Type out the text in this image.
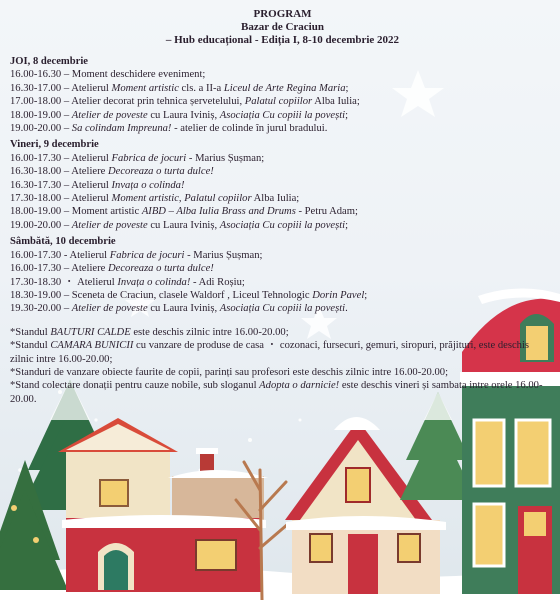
PROGRAM
Bazar de Craciun
– Hub educațional - Ediția I, 8-10 decembrie 2022
JOI, 8 decembrie
16.00-16.30 – Moment deschidere eveniment;
16.30-17.00 – Atelierul Moment artistic cls. a II-a Liceul de Arte Regina Maria;
17.00-18.00 – Atelier decorat prin tehnica șervetelului, Palatul copiilor Alba Iulia;
18.00-19.00 – Atelier de poveste cu Laura Iviniș, Asociația Cu copiii la povești;
19.00-20.00 – Sa colindam Impreuna! - atelier de colinde în jurul bradului.
Vineri, 9 decembrie
16.00-17.30 – Atelierul Fabrica de jocuri - Marius Șușman;
16.30-18.00 – Ateliere Decoreaza o turta dulce!
16.30-17.30 – Atelierul Invața o colinda!
17.30-18.00 – Atelierul Moment artistic, Palatul copiilor Alba Iulia;
18.00-19.00 – Moment artistic AIBD – Alba Iulia Brass and Drums - Petru Adam;
19.00-20.00 – Atelier de poveste cu Laura Iviniș, Asociația Cu copiii la povești;
Sâmbătă, 10 decembrie
16.00-17.30 - Atelierul Fabrica de jocuri - Marius Șușman;
16.00-17.30 – Ateliere Decoreaza o turta dulce!
17.30-18.30 ・ Atelierul Invața o colinda! - Adi Roșiu;
18.30-19.00 – Sceneta de Craciun, clasele Waldorf , Liceul Tehnologic Dorin Pavel;
19.30-20.00 – Atelier de poveste cu Laura Iviniș, Asociația Cu copiii la povești.
*Standul BAUTURI CALDE este deschis zilnic intre 16.00-20.00;
*Standul CAMARA BUNICII cu vanzare de produse de casa ・ cozonaci, fursecuri, gemuri, siropuri, prăjituri, este deschis zilnic intre 16.00-20.00;
*Standuri de vanzare obiecte faurite de copii, parinți sau profesori este deschis zilnic intre 16.00-20.00;
*Stand colectare donații pentru cauze nobile, sub sloganul Adopta o darnicie! este deschis vineri și sambata intre orele 16.00-20.00.
